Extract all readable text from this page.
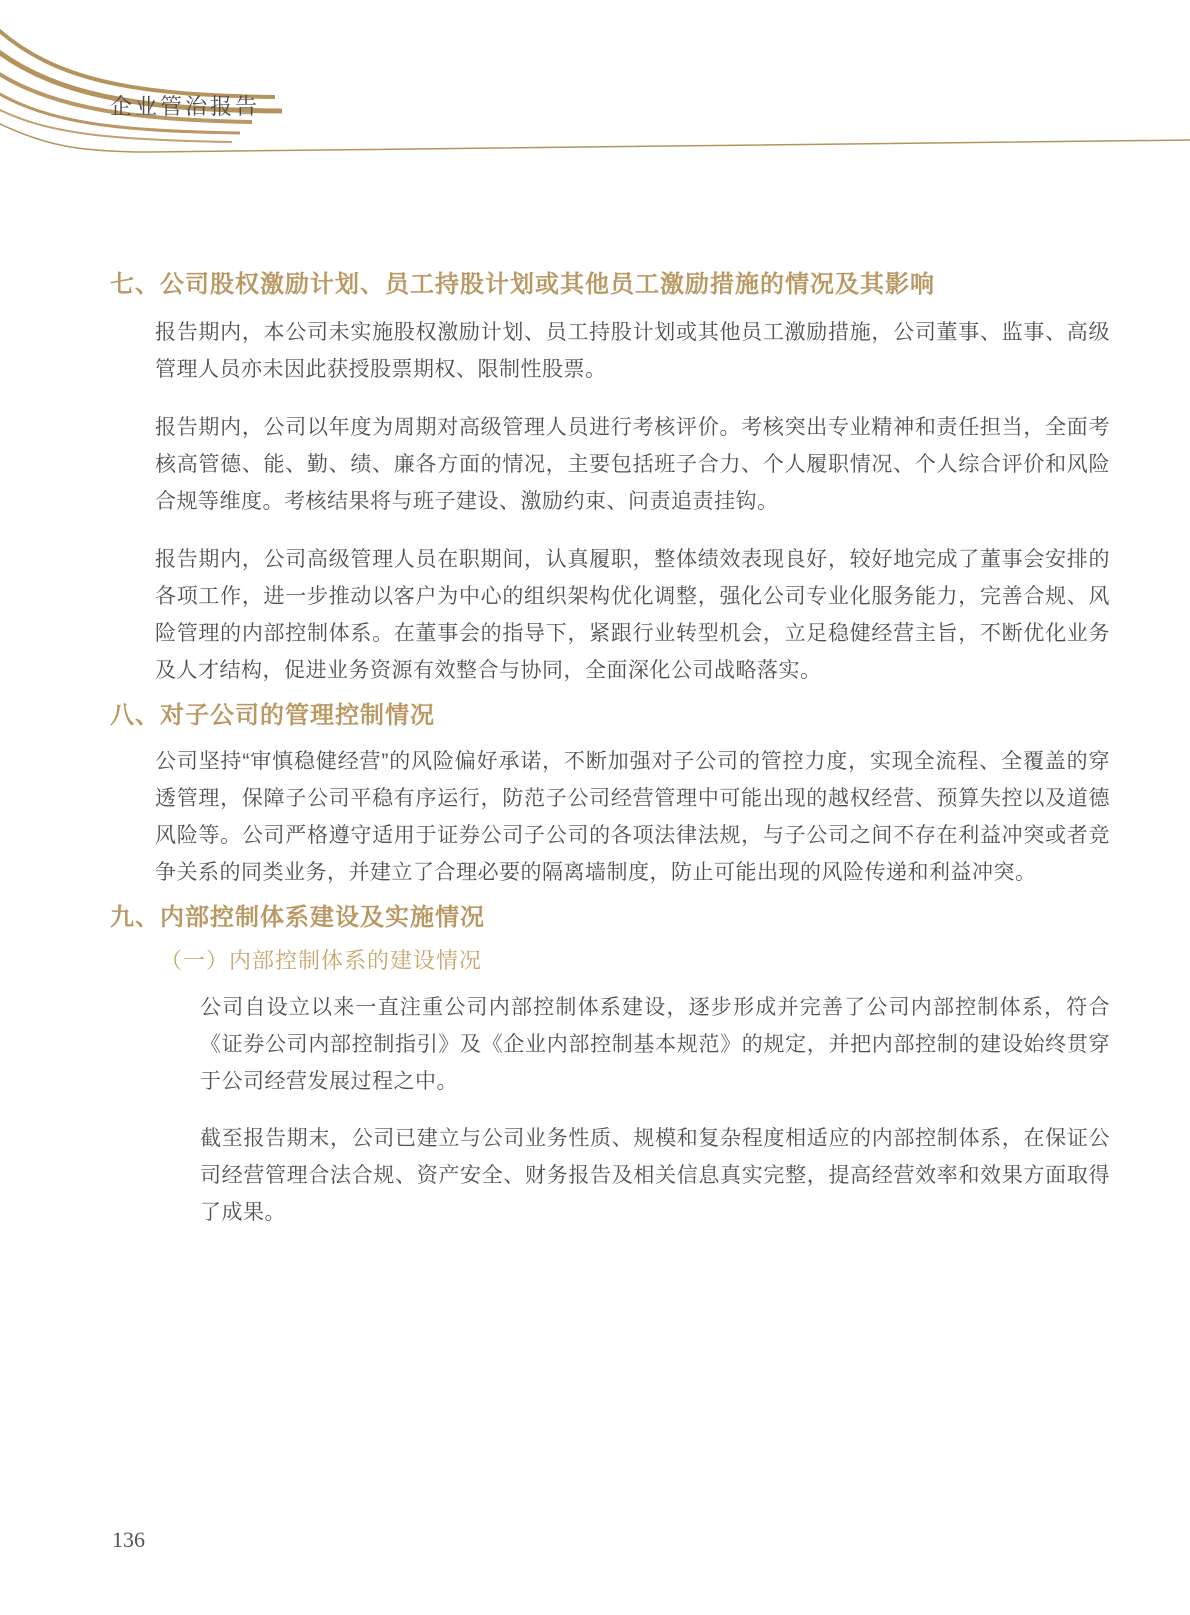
企业管治报告
七、公司股权激励计划、员工持股计划或其他员工激励措施的情况及其影响

报告期内，本公司未实施股权激励计划、员工持股计划或其他员工激励措施，公司董事、监事、高级管理人员亦未因此获授股票期权、限制性股票。

报告期内，公司以年度为周期对高级管理人员进行考核评价。考核突出专业精神和责任担当，全面考核高管德、能、勤、绩、廉各方面的情况，主要包括班子合力、个人履职情况、个人综合评价和风险合规等维度。考核结果将与班子建设、激励约束、问责追责挂钩。

报告期内，公司高级管理人员在职期间，认真履职，整体绩效表现良好，较好地完成了董事会安排的各项工作，进一步推动以客户为中心的组织架构优化调整，强化公司专业化服务能力，完善合规、风险管理的内部控制体系。在董事会的指导下，紧跟行业转型机会，立足稳健经营主旨，不断优化业务及人才结构，促进业务资源有效整合与协同，全面深化公司战略落实。

八、对子公司的管理控制情况

公司坚持“审慎稳健经营”的风险偏好承诺，不断加强对子公司的管控力度，实现全流程、全覆盖的穿透管理，保障子公司平稳有序运行，防范子公司经营管理中可能出现的越权经营、预算失控以及道德风险等。公司严格遵守适用于证券公司子公司的各项法律法规，与子公司之间不存在利益冲突或者竞争关系的同类业务，并建立了合理必要的隔离墙制度，防止可能出现的风险传递和利益冲突。

九、内部控制体系建设及实施情况
（一）内部控制体系的建设情况

公司自设立以来一直注重公司内部控制体系建设，逐步形成并完善了公司内部控制体系，符合《证券公司内部控制指引》及《企业内部控制基本规范》的规定，并把内部控制的建设始终贯穿于公司经营发展过程之中。

截至报告期末，公司已建立与公司业务性质、规模和复杂程度相适应的内部控制体系，在保证公司经营管理合法合规、资产安全、财务报告及相关信息真实完整，提高经营效率和效果方面取得了成果。

136
